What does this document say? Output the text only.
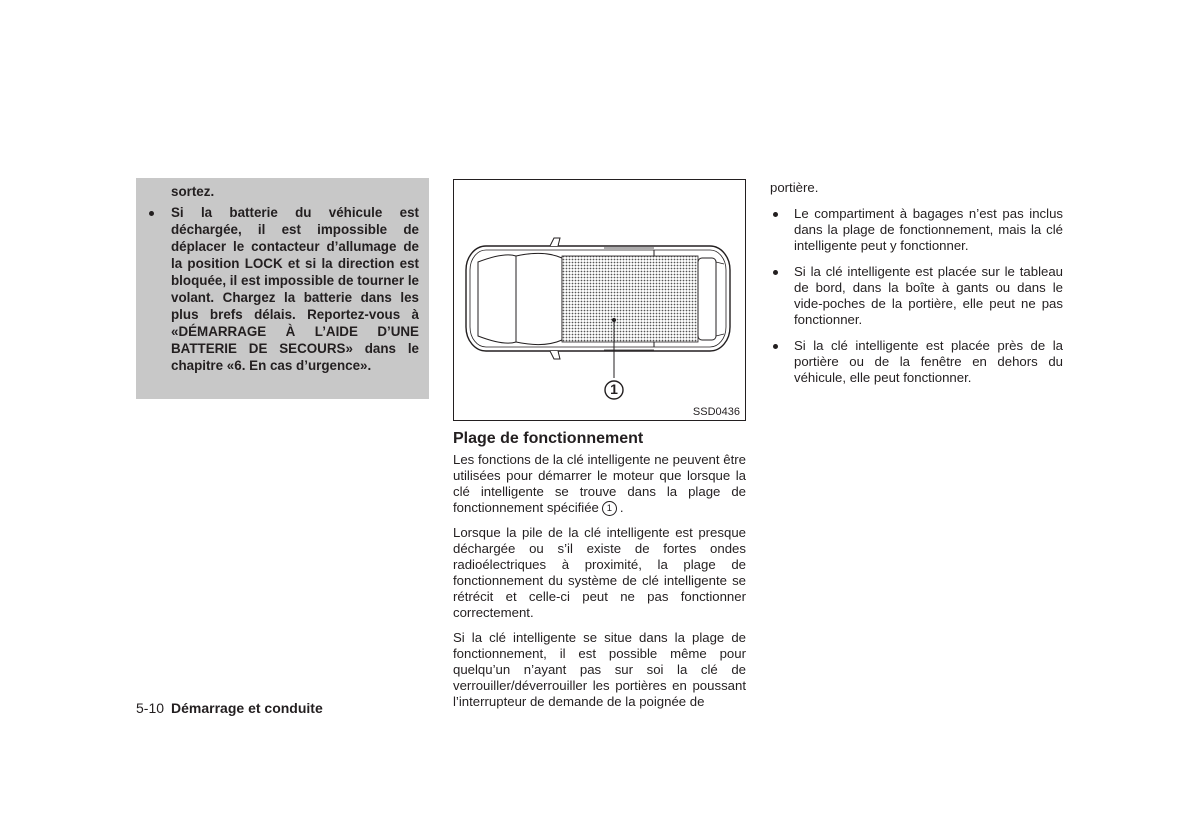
sortez.

Si la batterie du véhicule est déchargée, il est impossible de déplacer le contacteur d’allumage de la position LOCK et si la direction est bloquée, il est impossible de tourner le volant. Chargez la batterie dans les plus brefs délais. Reportez-vous à «DÉMARRAGE À L’AIDE D’UNE BATTERIE DE SECOURS» dans le chapitre «6. En cas d’urgence».

1
SSD0436
Plage de fonctionnement

Les fonctions de la clé intelligente ne peuvent être utilisées pour démarrer le moteur que lorsque la clé intelligente se trouve dans la plage de fonctionnement spécifiée 1 .

Lorsque la pile de la clé intelligente est presque déchargée ou s’il existe de fortes ondes radioélectriques à proximité, la plage de fonctionnement du système de clé intelligente se rétrécit et celle-ci peut ne pas fonctionner correctement.

Si la clé intelligente se situe dans la plage de fonctionnement, il est possible même pour quelqu’un n’ayant pas sur soi la clé de verrouiller/déverrouiller les portières en poussant l’interrupteur de demande de la poignée de

portière.

Le compartiment à bagages n’est pas inclus dans la plage de fonctionnement, mais la clé intelligente peut y fonctionner.

Si la clé intelligente est placée sur le tableau de bord, dans la boîte à gants ou dans le vide-poches de la portière, elle peut ne pas fonctionner.

Si la clé intelligente est placée près de la portière ou de la fenêtre en dehors du véhicule, elle peut fonctionner.

5-10 Démarrage et conduite
